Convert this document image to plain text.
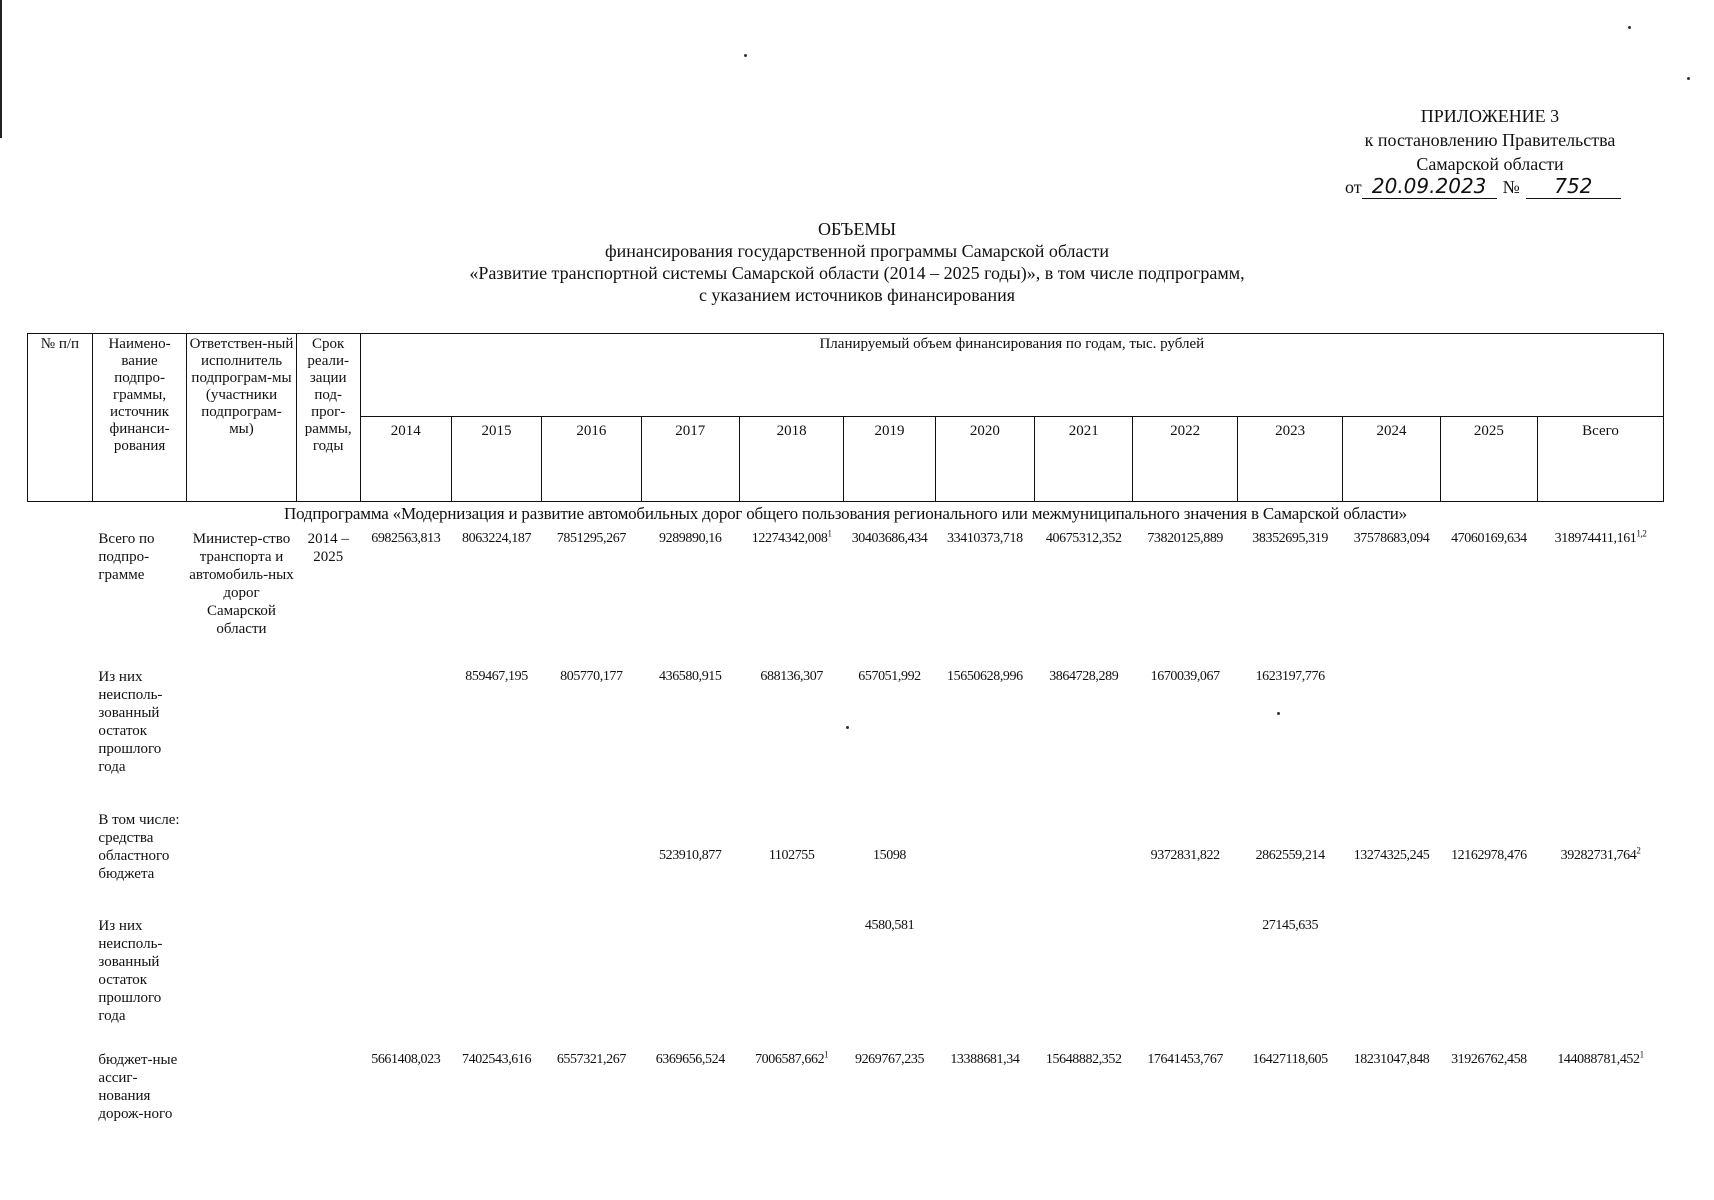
ПРИЛОЖЕНИЕ 3
к постановлению Правительства
Самарской области
от 20.09.2023 №	752
ОБЪЕМЫ
финансирования государственной программы Самарской области
«Развитие транспортной системы Самарской области (2014 – 2025 годы)», в том числе подпрограмм,
с указанием источников финансирования
№ п/п	Наимено-вание подпро-граммы, источник финанси-рования	Ответствен-ный исполнитель подпрограм-мы (участники подпрограм-мы)	Срок реали-зации под-прог-раммы, годы	Планируемый объем финансирования по годам, тыс. рублей												
				2014	2015	2016	2017	2018	2019	2020	2021	2022	2023	2024	2025	Всего
Подпрограмма «Модернизация и развитие автомобильных дорог общего пользования регионального или межмуниципального значения в Самарской области»																
	Всего по подпро-грамме	Министер-ство транспорта и автомобиль-ных дорог Самарской области	2014 – 2025	6982563,813	8063224,187	7851295,267	9289890,16	12274342,008$^1$	30403686,434	33410373,718	40675312,352	73820125,889	38352695,319	37578683,094	47060169,634	318974411,161$^{1,2}$
	Из них неисполь-зованный остаток прошлого года				859467,195	805770,177	436580,915	688136,307	657051,992	15650628,996	3864728,289	1670039,067	1623197,776			
	В том числе: средства областного бюджета						523910,877	1102755	15098			9372831,822	2862559,214	13274325,245	12162978,476	39282731,764$^2$
	Из них неисполь-зованный остаток прошлого года								4580,581				27145,635			
	бюджет-ные ассиг-нования дорож-ного			5661408,023	7402543,616	6557321,267	6369656,524	7006587,662$^1$	9269767,235	13388681,34	15648882,352	17641453,767	16427118,605	18231047,848	31926762,458	144088781,452$^1$
